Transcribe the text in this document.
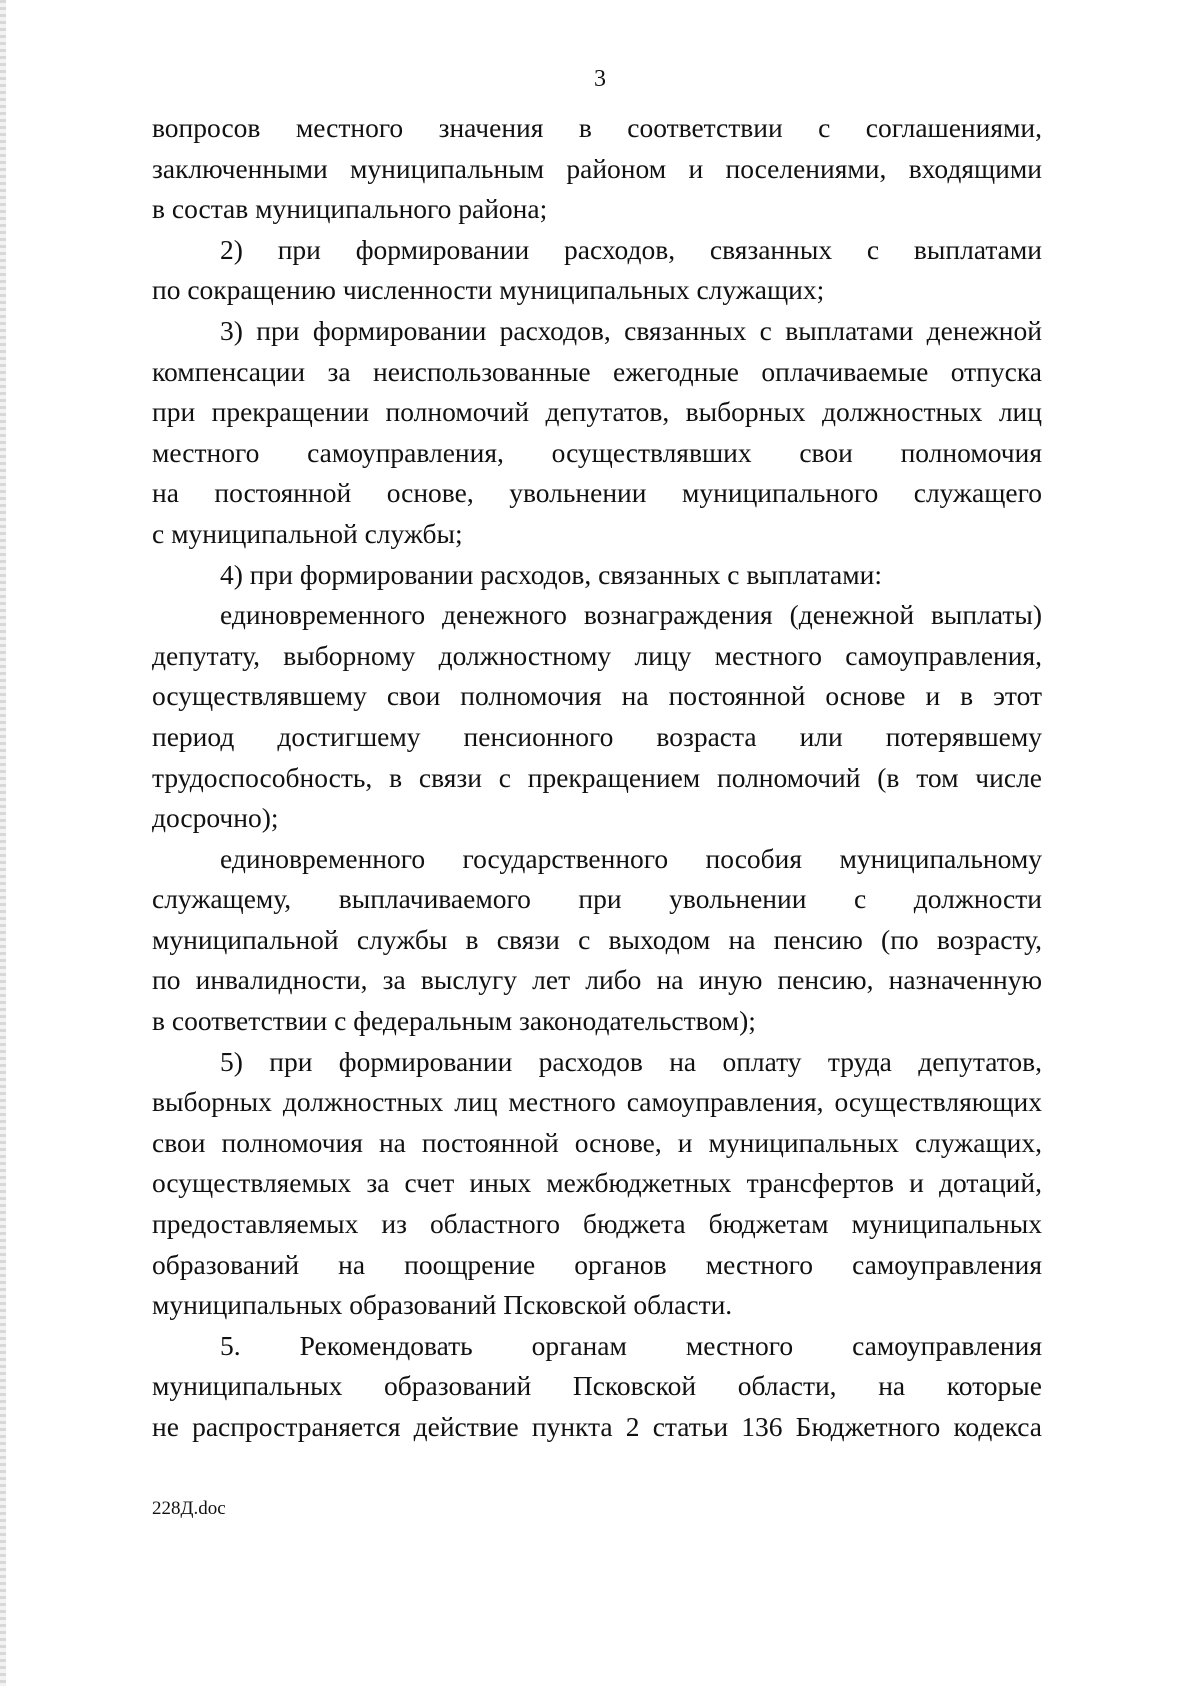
3
вопросов местного значения в соответствии с соглашениями,
заключенными муниципальным районом и поселениями, входящими
в состав муниципального района;
2) при формировании расходов, связанных с выплатами
по сокращению численности муниципальных служащих;
3) при формировании расходов, связанных с выплатами денежной
компенсации за неиспользованные ежегодные оплачиваемые отпуска
при прекращении полномочий депутатов, выборных должностных лиц
местного самоуправления, осуществлявших свои полномочия
на постоянной основе, увольнении муниципального служащего
с муниципальной службы;
4) при формировании расходов, связанных с выплатами:
единовременного денежного вознаграждения (денежной выплаты)
депутату, выборному должностному лицу местного самоуправления,
осуществлявшему свои полномочия на постоянной основе и в этот
период достигшему пенсионного возраста или потерявшему
трудоспособность, в связи с прекращением полномочий (в том числе
досрочно);
единовременного государственного пособия муниципальному
служащему, выплачиваемого при увольнении с должности
муниципальной службы в связи с выходом на пенсию (по возрасту,
по инвалидности, за выслугу лет либо на иную пенсию, назначенную
в соответствии с федеральным законодательством);
5) при формировании расходов на оплату труда депутатов,
выборных должностных лиц местного самоуправления, осуществляющих
свои полномочия на постоянной основе, и муниципальных служащих,
осуществляемых за счет иных межбюджетных трансфертов и дотаций,
предоставляемых из областного бюджета бюджетам муниципальных
образований на поощрение органов местного самоуправления
муниципальных образований Псковской области.
5. Рекомендовать органам местного самоуправления
муниципальных образований Псковской области, на которые
не распространяется действие пункта 2 статьи 136 Бюджетного кодекса
228Д.doc
